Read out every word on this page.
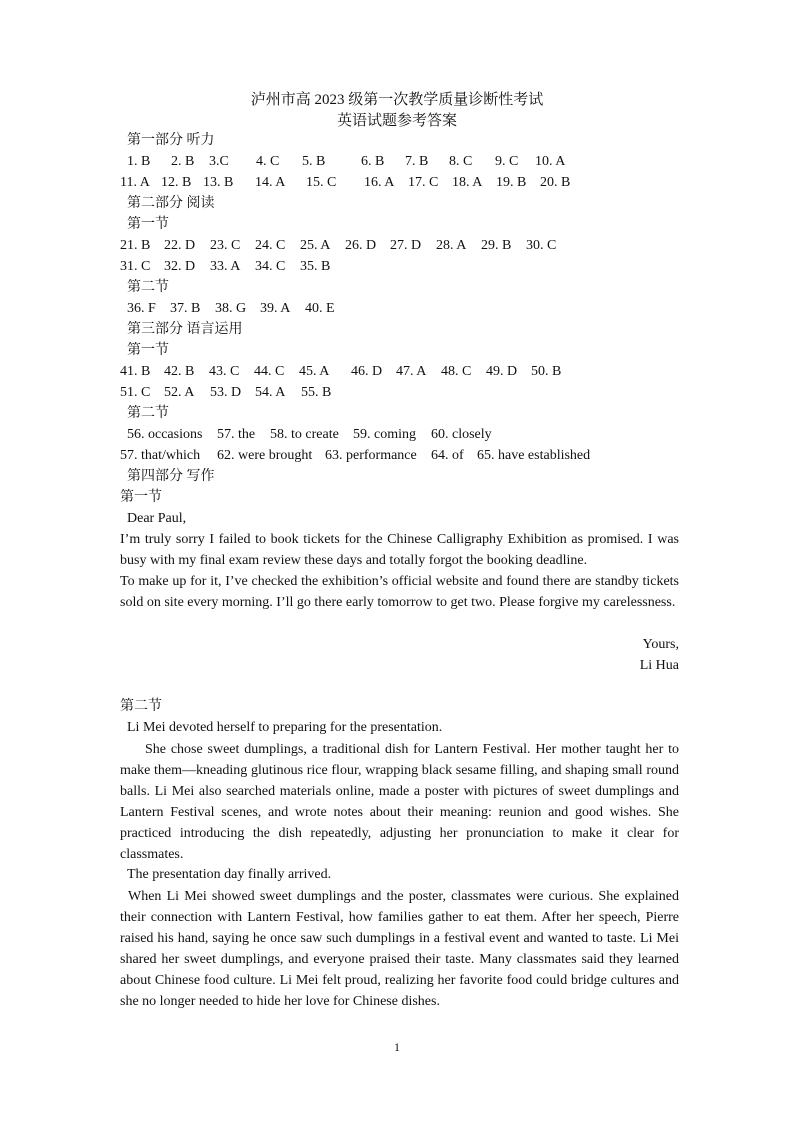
泸州市高 2023 级第一次教学质量诊断性考试
英语试题参考答案
第一部分 听力
1. B 2. B 3.C 4. C 5. B	6. B 7. B 8. C 9. C 10. A
11. A 12. B 13. B 14. A 15. C 16. A 17. C 18. A 19. B 20. B
第二部分 阅读
第一节
21. B 22. D 23. C 24. C 25. A 26. D 27. D 28. A 29. B 30. C
31. C 32. D 33. A 34. C 35. B
第二节
36. F 37. B 38. G 39. A 40. E
第三部分 语言运用
第一节
41. B 42. B 43. C 44. C 45. A 46. D 47. A 48. C 49. D 50. B
51. C 52. A 53. D 54. A 55. B
第二节
56. occasions 57. the 58. to create 59. coming 60. closely
57. that/which 62. were brought 63. performance 64. of 65. have established
第四部分 写作
第一节
Dear Paul,
I’m truly sorry I failed to book tickets for the Chinese Calligraphy Exhibition as promised. I was busy with my final exam review these days and totally forgot the booking deadline.
To make up for it, I’ve checked the exhibition’s official website and found there are standby tickets sold on site every morning. I’ll go there early tomorrow to get two. Please forgive my carelessness.
Yours,
Li Hua
第二节
Li Mei devoted herself to preparing for the presentation.
She chose sweet dumplings, a traditional dish for Lantern Festival. Her mother taught her to make them—kneading glutinous rice flour, wrapping black sesame filling, and shaping small round balls. Li Mei also searched materials online, made a poster with pictures of sweet dumplings and Lantern Festival scenes, and wrote notes about their meaning: reunion and good wishes. She practiced introducing the dish repeatedly, adjusting her pronunciation to make it clear for classmates.
The presentation day finally arrived.
When Li Mei showed sweet dumplings and the poster, classmates were curious. She explained their connection with Lantern Festival, how families gather to eat them. After her speech, Pierre raised his hand, saying he once saw such dumplings in a festival event and wanted to taste. Li Mei shared her sweet dumplings, and everyone praised their taste. Many classmates said they learned about Chinese food culture. Li Mei felt proud, realizing her favorite food could bridge cultures and she no longer needed to hide her love for Chinese dishes.
1
